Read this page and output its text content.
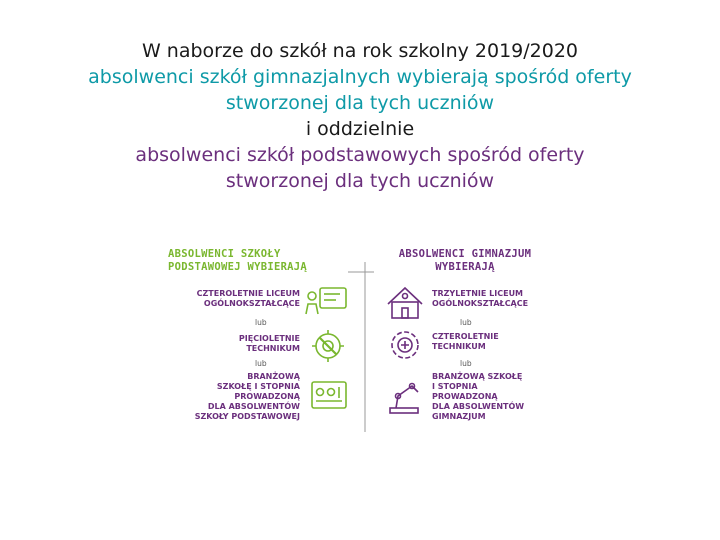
W naborze do szkół na rok szkolny 2019/2020
absolwenci szkół gimnazjalnych wybierają spośród oferty
stworzonej dla tych uczniów
i oddzielnie
absolwenci szkół podstawowych spośród oferty
stworzonej dla tych uczniów
ABSOLWENCI SZKOŁY
PODSTAWOWEJ WYBIERAJĄ
ABSOLWENCI GIMNAZJUM
WYBIERAJĄ
CZTEROLETNIE LICEUM
OGÓLNOKSZTAŁCĄCE
lub
PIĘCIOLETNIE
TECHNIKUM
lub
BRANŻOWĄ
SZKOŁĘ I STOPNIA
PROWADZONĄ
DLA ABSOLWENTÓW
SZKOŁY PODSTAWOWEJ
TRZYLETNIE LICEUM
OGÓLNOKSZTAŁCĄCE
lub
CZTEROLETNIE
TECHNIKUM
lub
BRANŻOWĄ SZKOŁĘ
I STOPNIA
PROWADZONĄ
DLA ABSOLWENTÓW
GIMNAZJUM
